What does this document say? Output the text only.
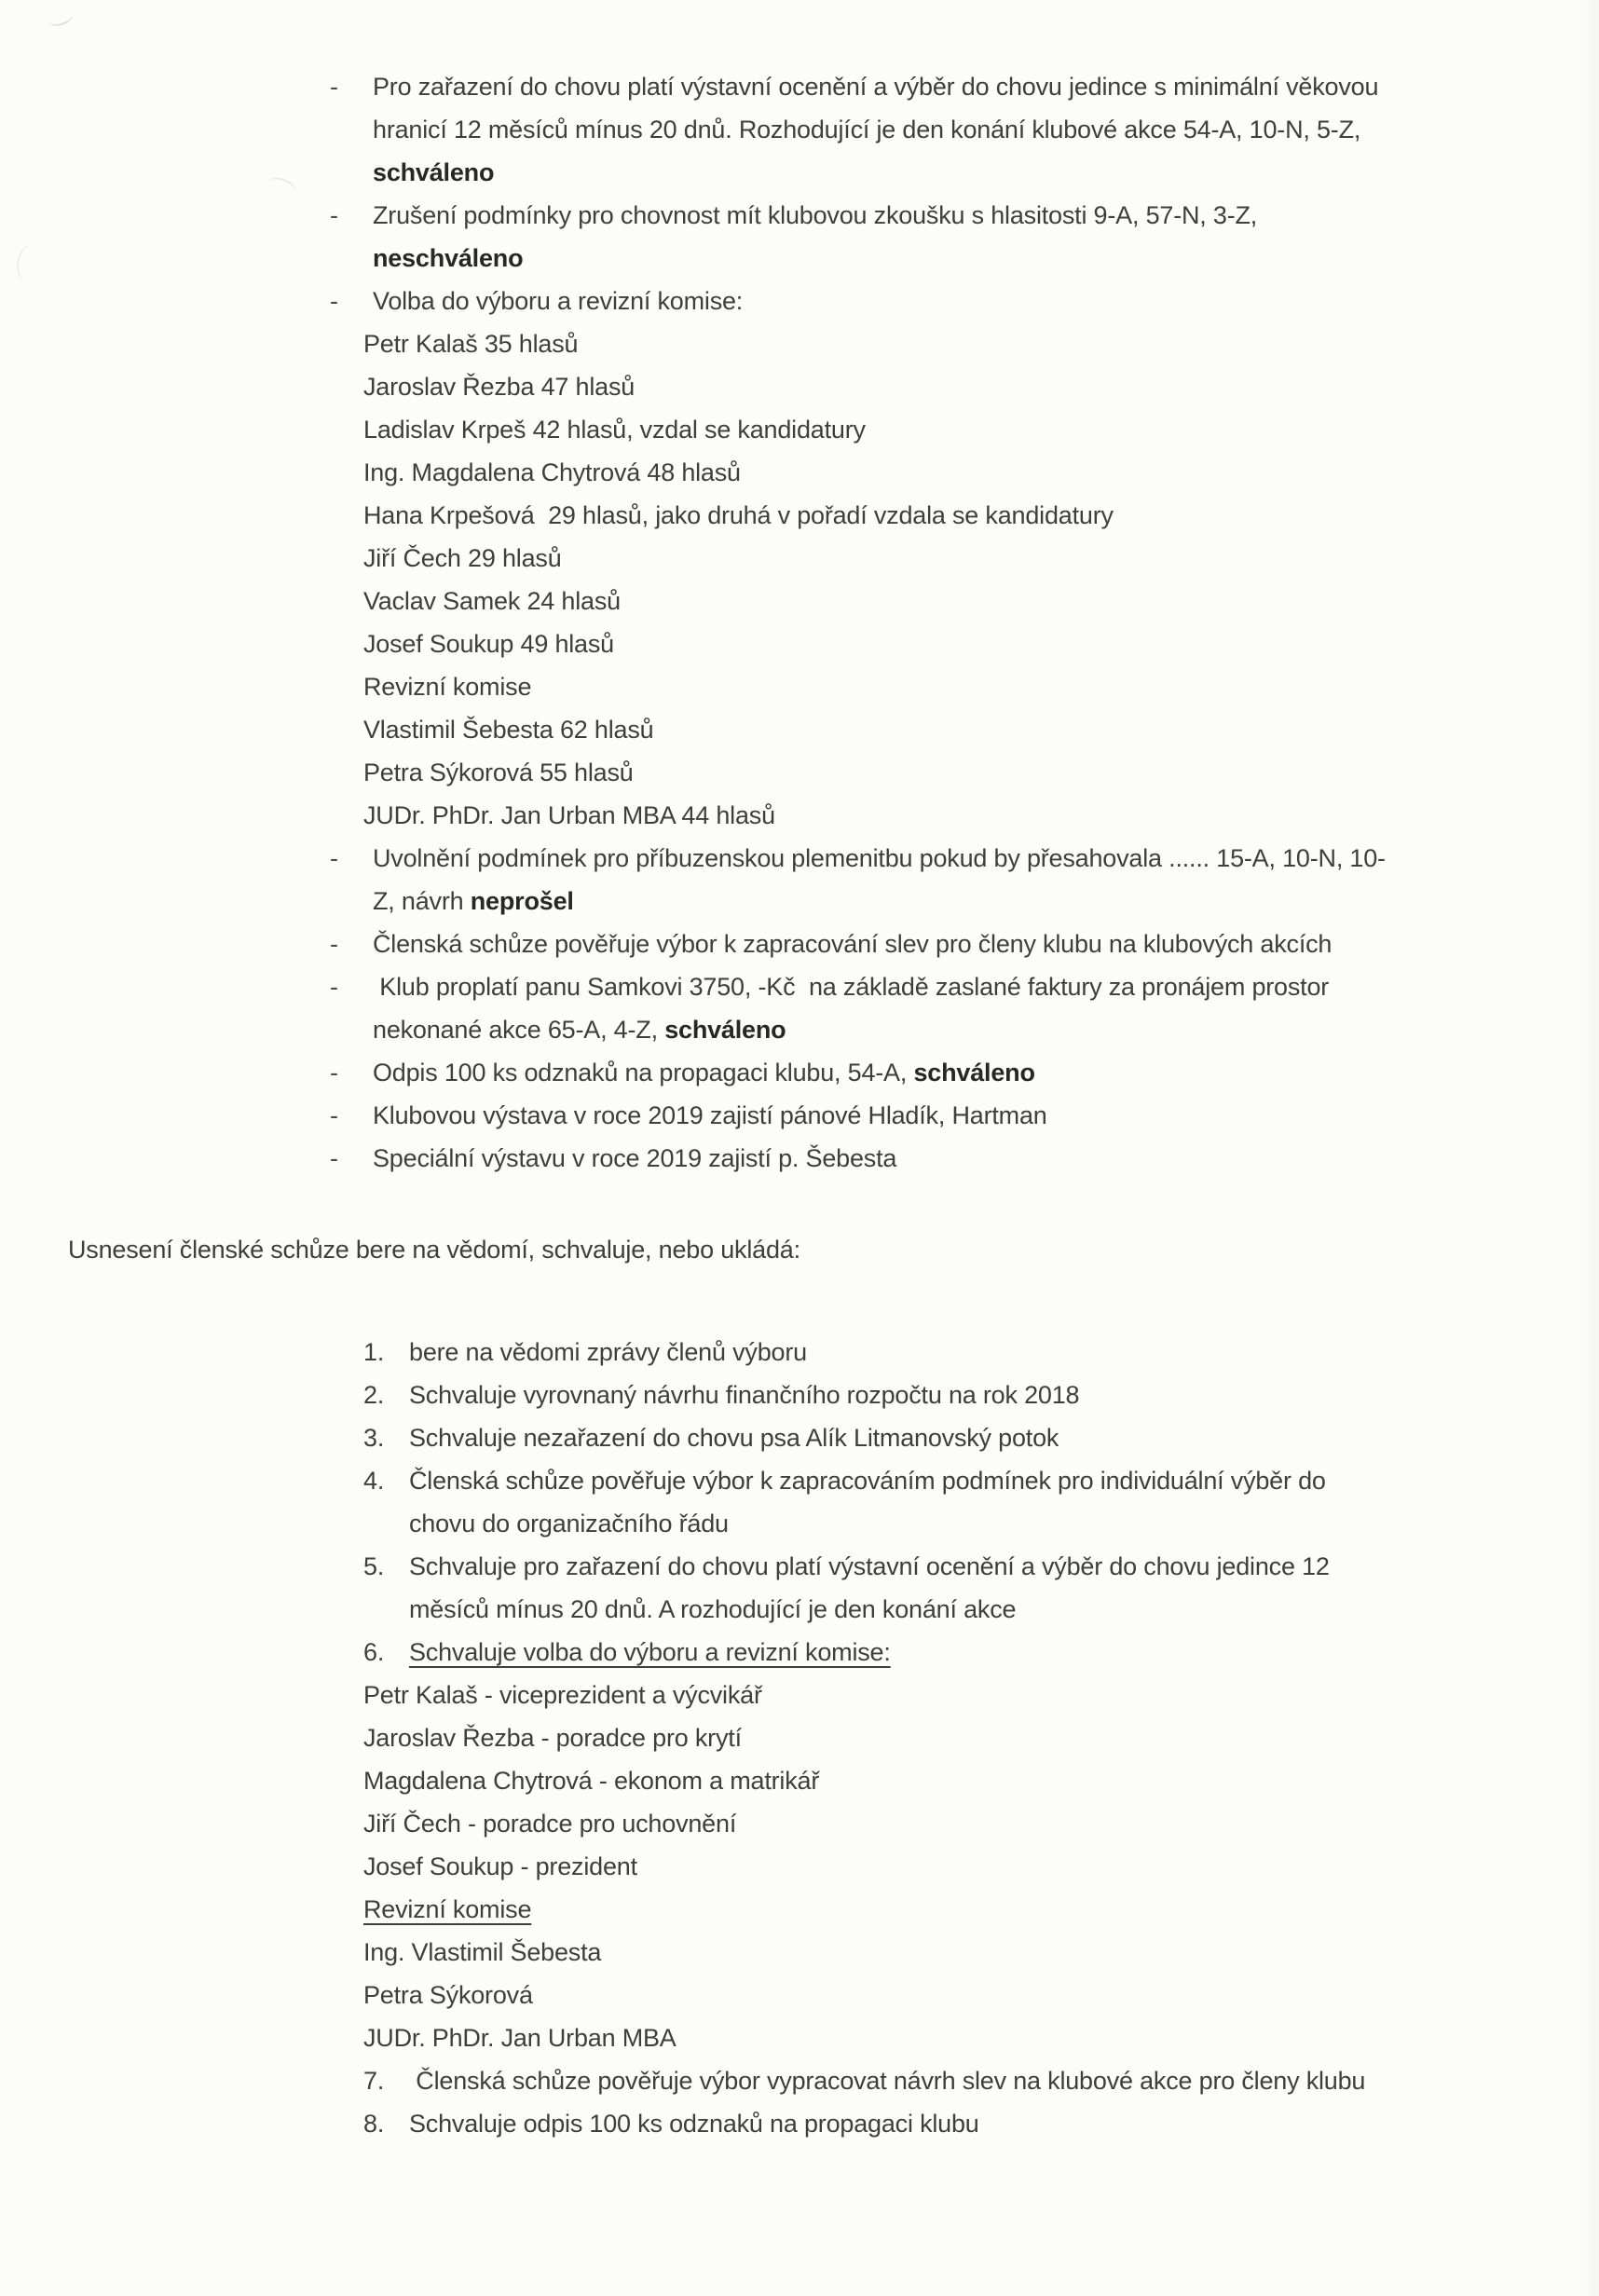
- Pro zařazení do chovu platí výstavní ocenění a výběr do chovu jedince s minimální věkovou
hranicí 12 měsíců mínus 20 dnů. Rozhodující je den konání klubové akce 54-A, 10-N, 5-Z,
schváleno
- Zrušení podmínky pro chovnost mít klubovou zkoušku s hlasitosti 9-A, 57-N, 3-Z,
neschváleno
- Volba do výboru a revizní komise:
Petr Kalaš 35 hlasů
Jaroslav Řezba 47 hlasů
Ladislav Krpeš 42 hlasů, vzdal se kandidatury
Ing. Magdalena Chytrová 48 hlasů
Hana Krpešová  29 hlasů, jako druhá v pořadí vzdala se kandidatury
Jiří Čech 29 hlasů
Vaclav Samek 24 hlasů
Josef Soukup 49 hlasů
Revizní komise
Vlastimil Šebesta 62 hlasů
Petra Sýkorová 55 hlasů
JUDr. PhDr. Jan Urban MBA 44 hlasů
- Uvolnění podmínek pro příbuzenskou plemenitbu pokud by přesahovala ...... 15-A, 10-N, 10-
Z, návrh neprošel
- Členská schůze pověřuje výbor k zapracování slev pro členy klubu na klubových akcích
- Klub proplatí panu Samkovi 3750, -Kč  na základě zaslané faktury za pronájem prostor
nekonané akce 65-A, 4-Z, schváleno
- Odpis 100 ks odznaků na propagaci klubu, 54-A, schváleno
- Klubovou výstava v roce 2019 zajistí pánové Hladík, Hartman
- Speciální výstavu v roce 2019 zajistí p. Šebesta
Usnesení členské schůze bere na vědomí, schvaluje, nebo ukládá:
1. bere na vědomi zprávy členů výboru
2. Schvaluje vyrovnaný návrhu finančního rozpočtu na rok 2018
3. Schvaluje nezařazení do chovu psa Alík Litmanovský potok
4. Členská schůze pověřuje výbor k zapracováním podmínek pro individuální výběr do
chovu do organizačního řádu
5. Schvaluje pro zařazení do chovu platí výstavní ocenění a výběr do chovu jedince 12
měsíců mínus 20 dnů. A rozhodující je den konání akce
6. Schvaluje volba do výboru a revizní komise:
Petr Kalaš - viceprezident a výcvikář
Jaroslav Řezba - poradce pro krytí
Magdalena Chytrová - ekonom a matrikář
Jiří Čech - poradce pro uchovnění
Josef Soukup - prezident
Revizní komise
Ing. Vlastimil Šebesta
Petra Sýkorová
JUDr. PhDr. Jan Urban MBA
7. Členská schůze pověřuje výbor vypracovat návrh slev na klubové akce pro členy klubu
8. Schvaluje odpis 100 ks odznaků na propagaci klubu
